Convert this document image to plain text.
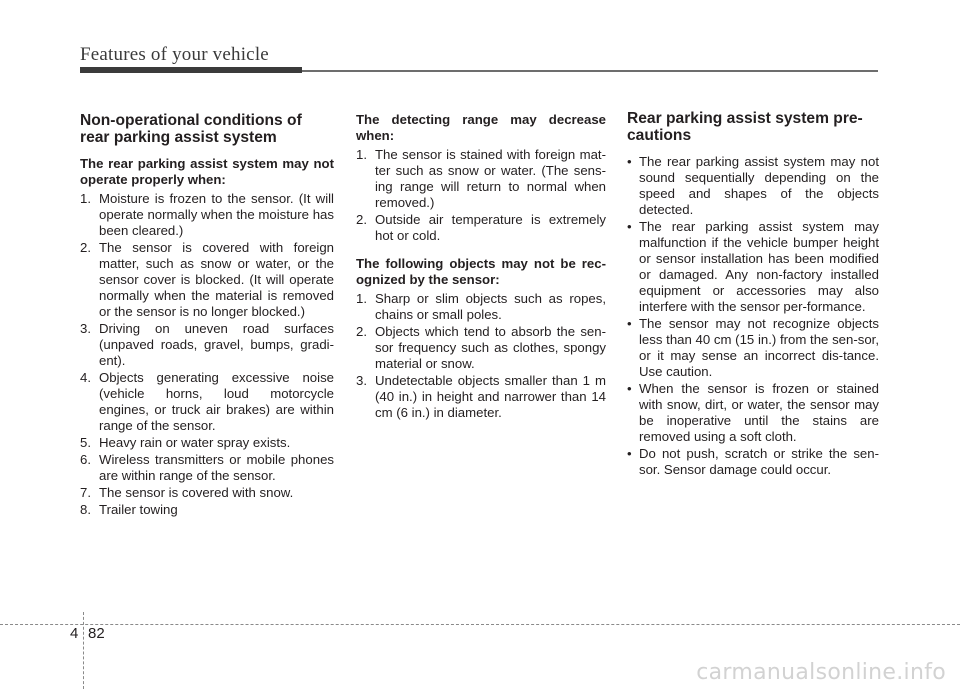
Features of your vehicle
Non-operational conditions of rear parking assist system
The rear parking assist system may not operate properly when:
1. Moisture is frozen to the sensor. (It will operate normally when the moisture has been cleared.)
2. The sensor is covered with foreign matter, such as snow or water, or the sensor cover is blocked. (It will operate normally when the material is removed or the sensor is no longer blocked.)
3. Driving on uneven road surfaces (unpaved roads, gravel, bumps, gradi-ent).
4. Objects generating excessive noise (vehicle horns, loud motorcycle engines, or truck air brakes) are within range of the sensor.
5. Heavy rain or water spray exists.
6. Wireless transmitters or mobile phones are within range of the sensor.
7. The sensor is covered with snow.
8. Trailer towing
The detecting range may decrease when:
1. The sensor is stained with foreign mat-ter such as snow or water. (The sens-ing range will return to normal when removed.)
2. Outside air temperature is extremely hot or cold.
The following objects may not be rec-ognized by the sensor:
1. Sharp or slim objects such as ropes, chains or small poles.
2. Objects which tend to absorb the sen-sor frequency such as clothes, spongy material or snow.
3. Undetectable objects smaller than 1 m (40 in.) in height and narrower than 14 cm (6 in.) in diameter.
Rear parking assist system pre-cautions
• The rear parking assist system may not sound sequentially depending on the speed and shapes of the objects detected.
• The rear parking assist system may malfunction if the vehicle bumper height or sensor installation has been modified or damaged. Any non-factory installed equipment or accessories may also interfere with the sensor per-formance.
• The sensor may not recognize objects less than 40 cm (15 in.) from the sen-sor, or it may sense an incorrect dis-tance. Use caution.
• When the sensor is frozen or stained with snow, dirt, or water, the sensor may be inoperative until the stains are removed using a soft cloth.
• Do not push, scratch or strike the sen-sor. Sensor damage could occur.
4 82
carmanualsonline.info
